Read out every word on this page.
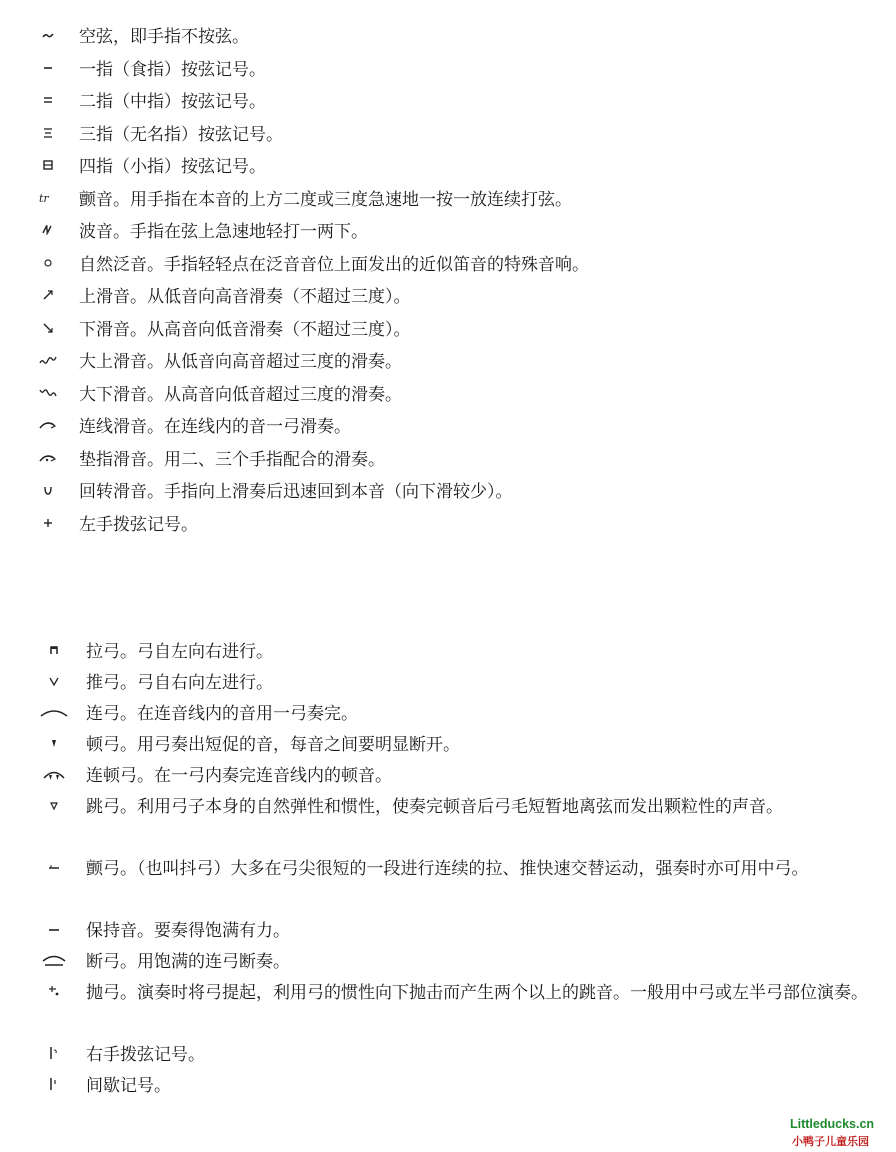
空弦，即手指不按弦。
一指（食指）按弦记号。
二指（中指）按弦记号。
三指（无名指）按弦记号。
四指（小指）按弦记号。
tr 颤音。用手指在本音的上方二度或三度急速地一按一放连续打弦。
波音。手指在弦上急速地轻打一两下。
自然泛音。手指轻轻点在泛音音位上面发出的近似笛音的特殊音响。
上滑音。从低音向高音滑奏（不超过三度）。
下滑音。从高音向低音滑奏（不超过三度）。
大上滑音。从低音向高音超过三度的滑奏。
大下滑音。从高音向低音超过三度的滑奏。
连线滑音。在连线内的音一弓滑奏。
垫指滑音。用二、三个手指配合的滑奏。
回转滑音。手指向上滑奏后迅速回到本音（向下滑较少）。
左手拨弦记号。
拉弓。弓自左向右进行。
推弓。弓自右向左进行。
连弓。在连音线内的音用一弓奏完。
顿弓。用弓奏出短促的音，每音之间要明显断开。
连顿弓。在一弓内奏完连音线内的顿音。
跳弓。利用弓子本身的自然弹性和惯性，使奏完顿音后弓毛短暂地离弦而发出颗粒性的声音。
颤弓。（也叫抖弓）大多在弓尖很短的一段进行连续的拉、推快速交替运动，强奏时亦可用中弓。
保持音。要奏得饱满有力。
断弓。用饱满的连弓断奏。
抛弓。演奏时将弓提起，利用弓的惯性向下抛击而产生两个以上的跳音。一般用中弓或左半弓部位演奏。
右手拨弦记号。
间歇记号。
Littleducks.cn
小鸭子儿童乐园
